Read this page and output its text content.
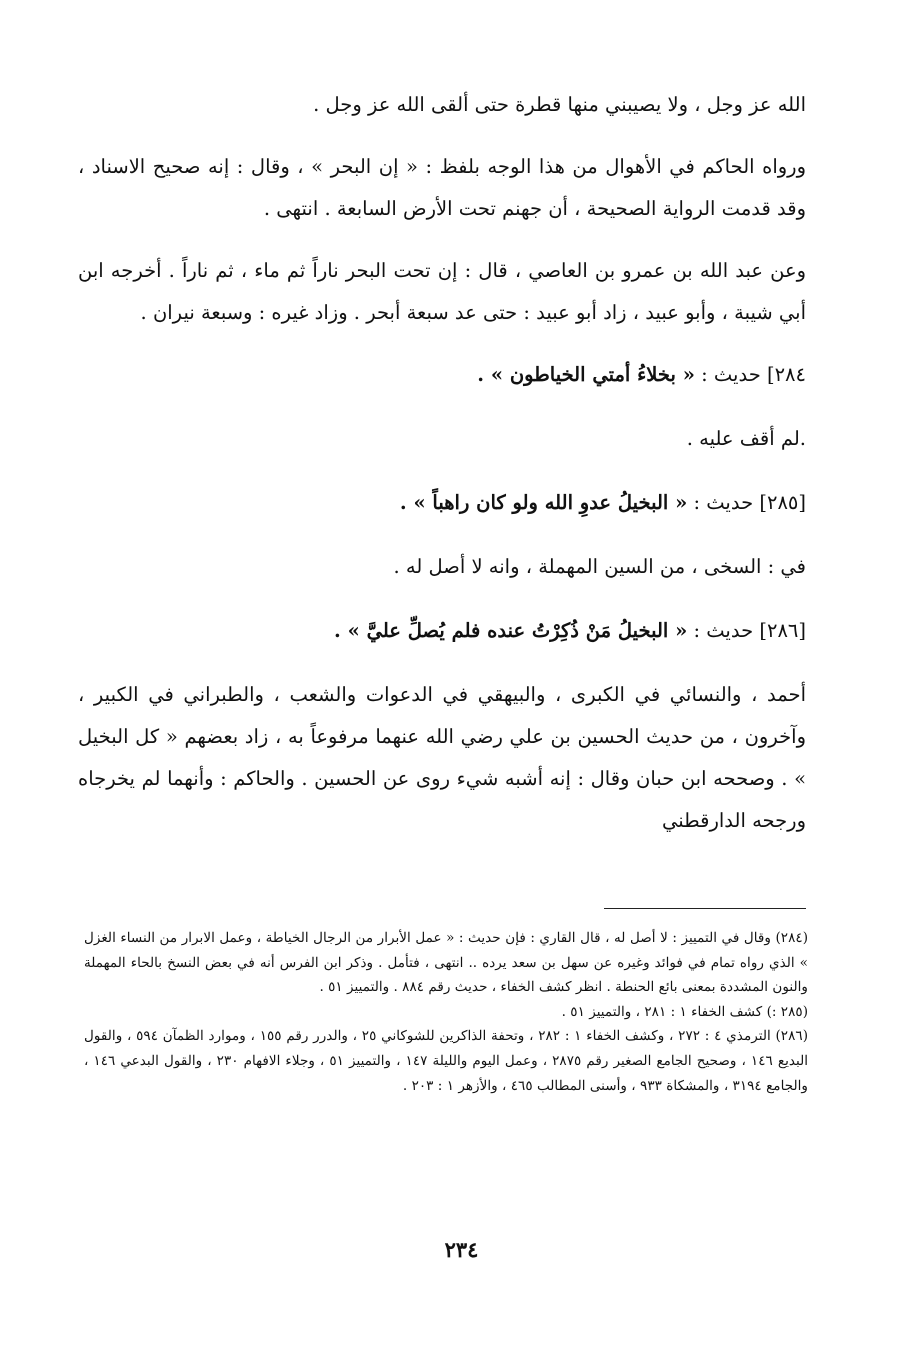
الله عز وجل ، ولا يصيبني منها قطرة حتى ألقى الله عز وجل .

ورواه الحاكم في الأهوال من هذا الوجه بلفظ : « إن البحر » ، وقال : إنه صحيح الاسناد ، وقد قدمت الرواية الصحيحة ، أن جهنم تحت الأرض السابعة . انتهى .

وعن عبد الله بن عمرو بن العاصي ، قال : إن تحت البحر ناراً ثم ماء ، ثم ناراً . أخرجه ابن أبي شيبة ، وأبو عبيد ، زاد أبو عبيد : حتى عد سبعة أبحر . وزاد غيره : وسبعة نيران .

٢٨٤] حديث : « بخلاءُ أمتي الخياطون » .

.لم أقف عليه .

[٢٨٥] حديث : « البخيلُ عدوِ الله ولو كان راهباً » .

في : السخى ، من السين المهملة ، وانه لا أصل له .

[٢٨٦] حديث : « البخيلُ مَنْ ذُكِرْتُ عنده فلم يُصلِّ عليَّ » .

أحمد ، والنسائي في الكبرى ، والبيهقي في الدعوات والشعب ، والطبراني في الكبير ، وآخرون ، من حديث الحسين بن علي رضي الله عنهما مرفوعاً به ، زاد بعضهم « كل البخيل » . وصححه ابن حبان وقال : إنه أشبه شيء روى عن الحسين . والحاكم : وأنهما لم يخرجاه ورجحه الدارقطني

(٢٨٤) وقال في التمييز : لا أصل له ، قال القاري : فإن حديث : « عمل الأبرار من الرجال الخياطة ، وعمل الابرار من النساء الغزل » الذي رواه تمام في فوائد وغيره عن سهل بن سعد يرده .. انتهى ، فتأمل . وذكر ابن الفرس أنه في بعض النسخ بالحاء المهملة والنون المشددة بمعنى بائع الحنطة . انظر كشف الخفاء ، حديث رقم ٨٨٤ . والتمييز ٥١ .

(٢٨٥ :) كشف الخفاء ١ : ٢٨١ ، والتمييز ٥١ .

(٢٨٦) الترمذي ٤ : ٢٧٢ ، وكشف الخفاء ١ : ٢٨٢ ، وتحفة الذاكرين للشوكاني ٢٥ ، والدرر رقم ١٥٥ ، وموارد الظمآن ٥٩٤ ، والقول البديع ١٤٦ ، وصحيح الجامع الصغير رقم ٢٨٧٥ ، وعمل اليوم والليلة ١٤٧ ، والتمييز ٥١ ، وجلاء الافهام ٢٣٠ ، والقول البدعي ١٤٦ ، والجامع ٣١٩٤ ، والمشكاة ٩٣٣ ، وأسنى المطالب ٤٦٥ ، والأزهر ١ : ٢٠٣ .

٢٣٤
